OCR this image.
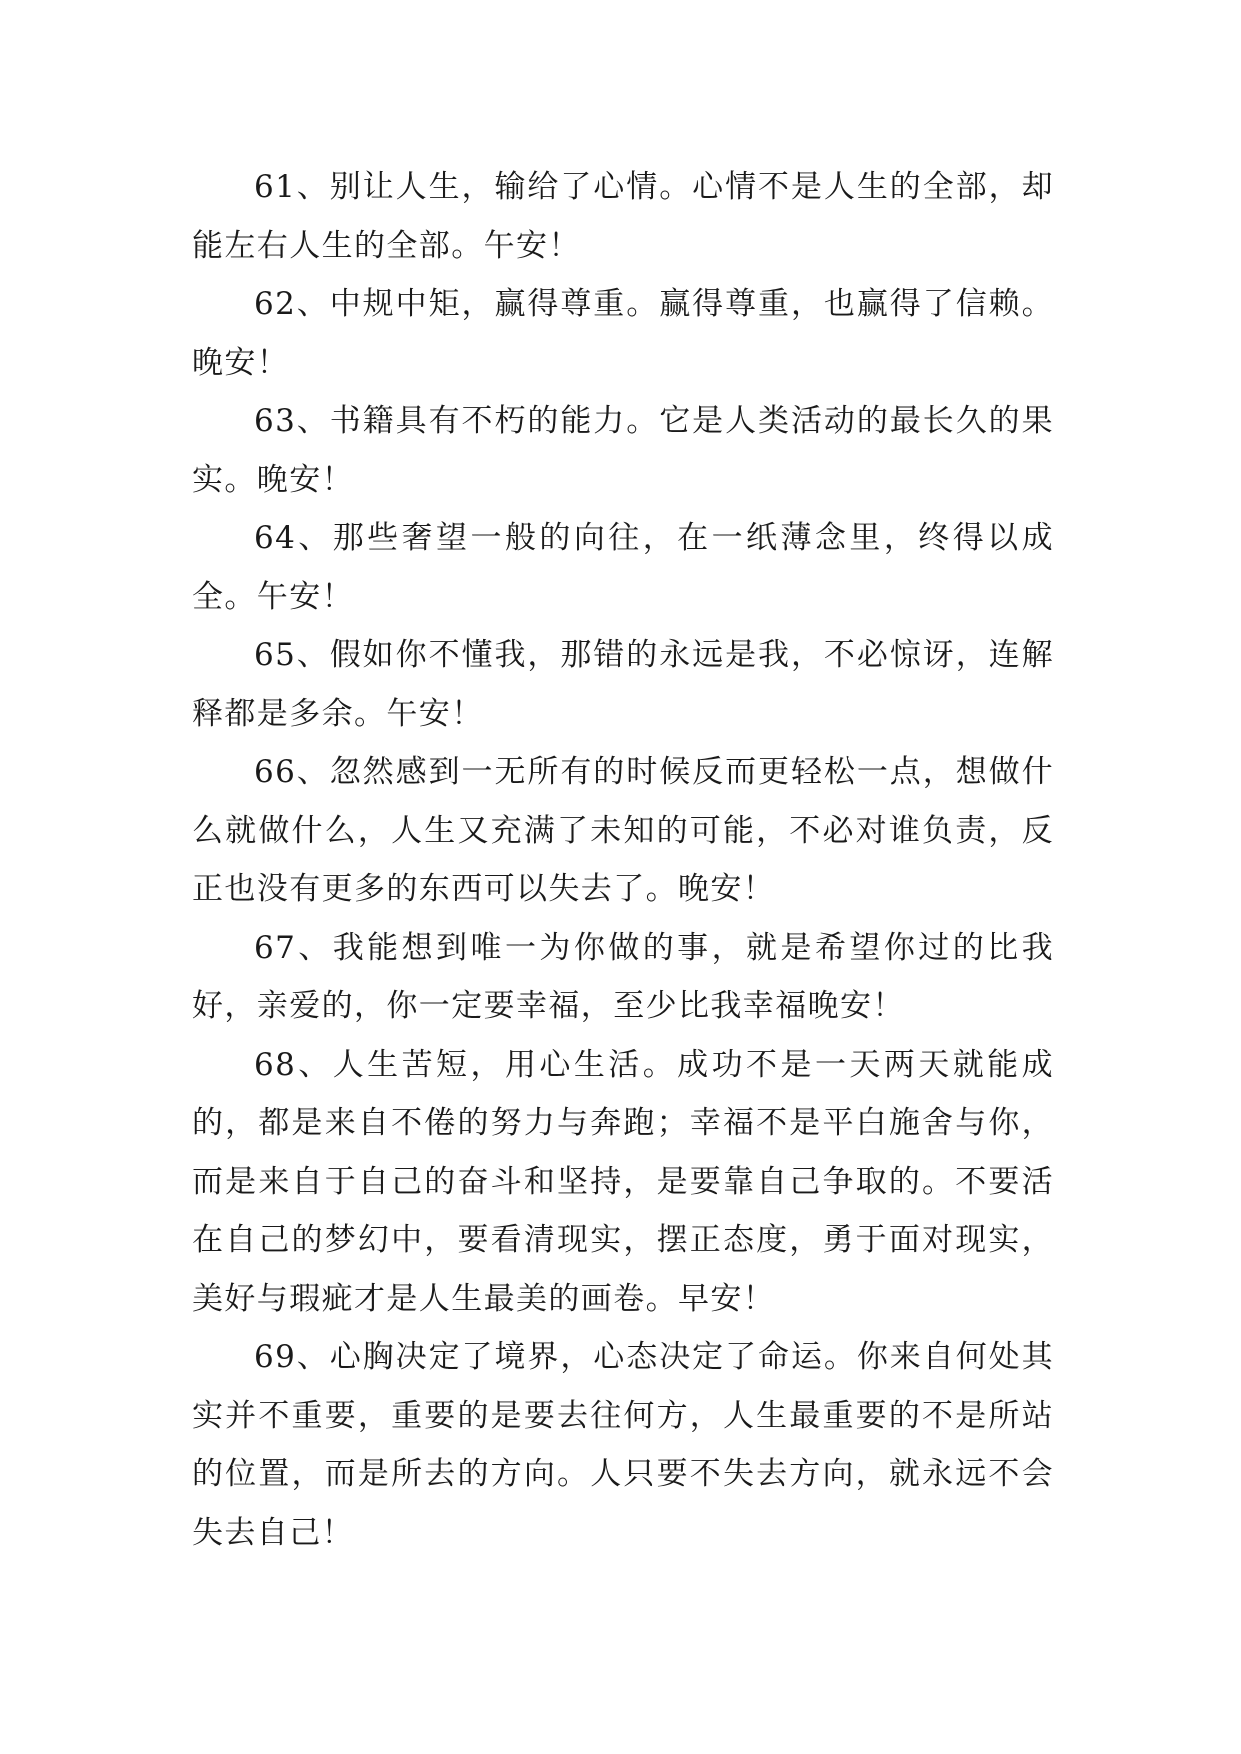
61、别让人生，输给了心情。心情不是人生的全部，却能左右人生的全部。午安！

62、中规中矩，赢得尊重。赢得尊重，也赢得了信赖。晚安！

63、书籍具有不朽的能力。它是人类活动的最长久的果实。晚安！

64、那些奢望一般的向往，在一纸薄念里，终得以成全。午安！

65、假如你不懂我，那错的永远是我，不必惊讶，连解释都是多余。午安！

66、忽然感到一无所有的时候反而更轻松一点，想做什么就做什么，人生又充满了未知的可能，不必对谁负责，反正也没有更多的东西可以失去了。晚安！

67、我能想到唯一为你做的事，就是希望你过的比我好，亲爱的，你一定要幸福，至少比我幸福晚安！

68、人生苦短，用心生活。成功不是一天两天就能成的，都是来自不倦的努力与奔跑；幸福不是平白施舍与你，而是来自于自己的奋斗和坚持，是要靠自己争取的。不要活在自己的梦幻中，要看清现实，摆正态度，勇于面对现实，美好与瑕疵才是人生最美的画卷。早安！

69、心胸决定了境界，心态决定了命运。你来自何处其实并不重要，重要的是要去往何方，人生最重要的不是所站的位置，而是所去的方向。人只要不失去方向，就永远不会失去自己！
